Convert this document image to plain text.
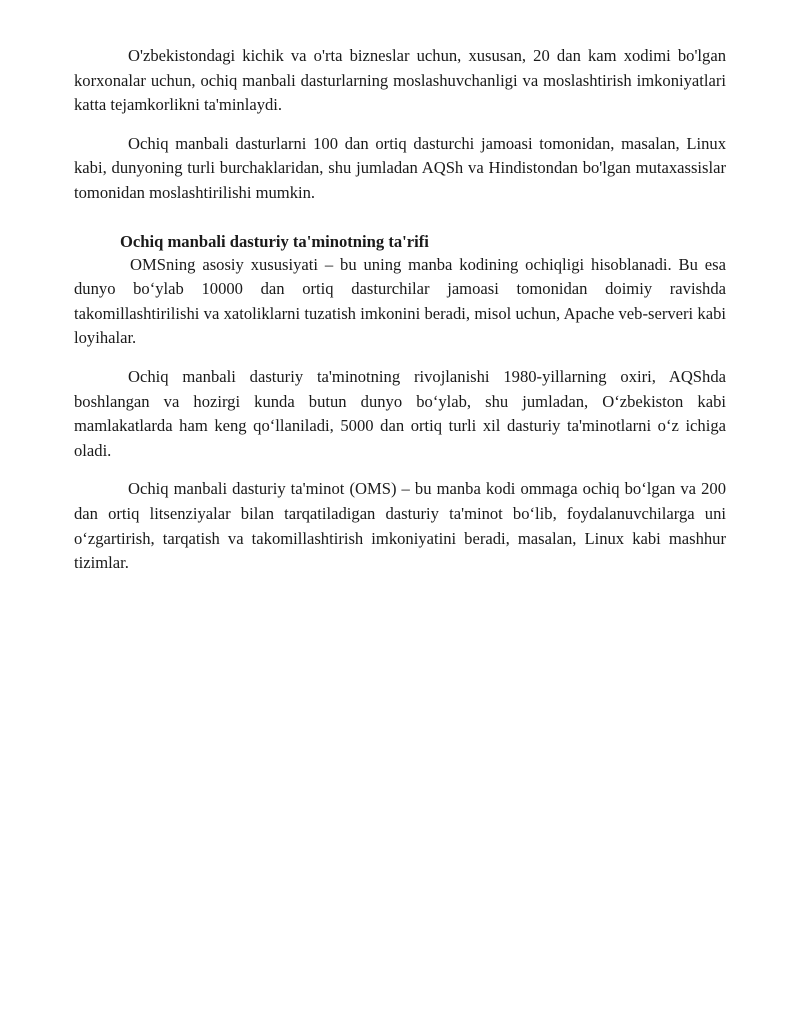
O'zbekistondagi kichik va o'rta bizneslar uchun, xususan, 20 dan kam xodimi bo'lgan korxonalar uchun, ochiq manbali dasturlarning moslashuvchanligi va moslashtirish imkoniyatlari katta tejamkorlikni ta'minlaydi.

Ochiq manbali dasturlarni 100 dan ortiq dasturchi jamoasi tomonidan, masalan, Linux kabi, dunyoning turli burchaklaridan, shu jumladan AQSh va Hindistondan bo'lgan mutaxassislar tomonidan moslashtirilishi mumkin.

Ochiq manbali dasturiy ta'minotning ta'rifi

OMSning asosiy xususiyati – bu uning manba kodining ochiqligi hisoblanadi. Bu esa dunyo bo‘ylab 10000 dan ortiq dasturchilar jamoasi tomonidan doimiy ravishda takomillashtirilishi va xatoliklarni tuzatish imkonini beradi, misol uchun, Apache veb-serveri kabi loyihalar.

Ochiq manbali dasturiy ta'minotning rivojlanishi 1980-yillarning oxiri, AQShda boshlangan va hozirgi kunda butun dunyo bo‘ylab, shu jumladan, O‘zbekiston kabi mamlakatlarda ham keng qo‘llaniladi, 5000 dan ortiq turli xil dasturiy ta'minotlarni o‘z ichiga oladi.

Ochiq manbali dasturiy ta'minot (OMS) – bu manba kodi ommaga ochiq bo‘lgan va 200 dan ortiq litsenziyalar bilan tarqatiladigan dasturiy ta'minot bo‘lib, foydalanuvchilarga uni o‘zgartirish, tarqatish va takomillashtirish imkoniyatini beradi, masalan, Linux kabi mashhur tizimlar.
